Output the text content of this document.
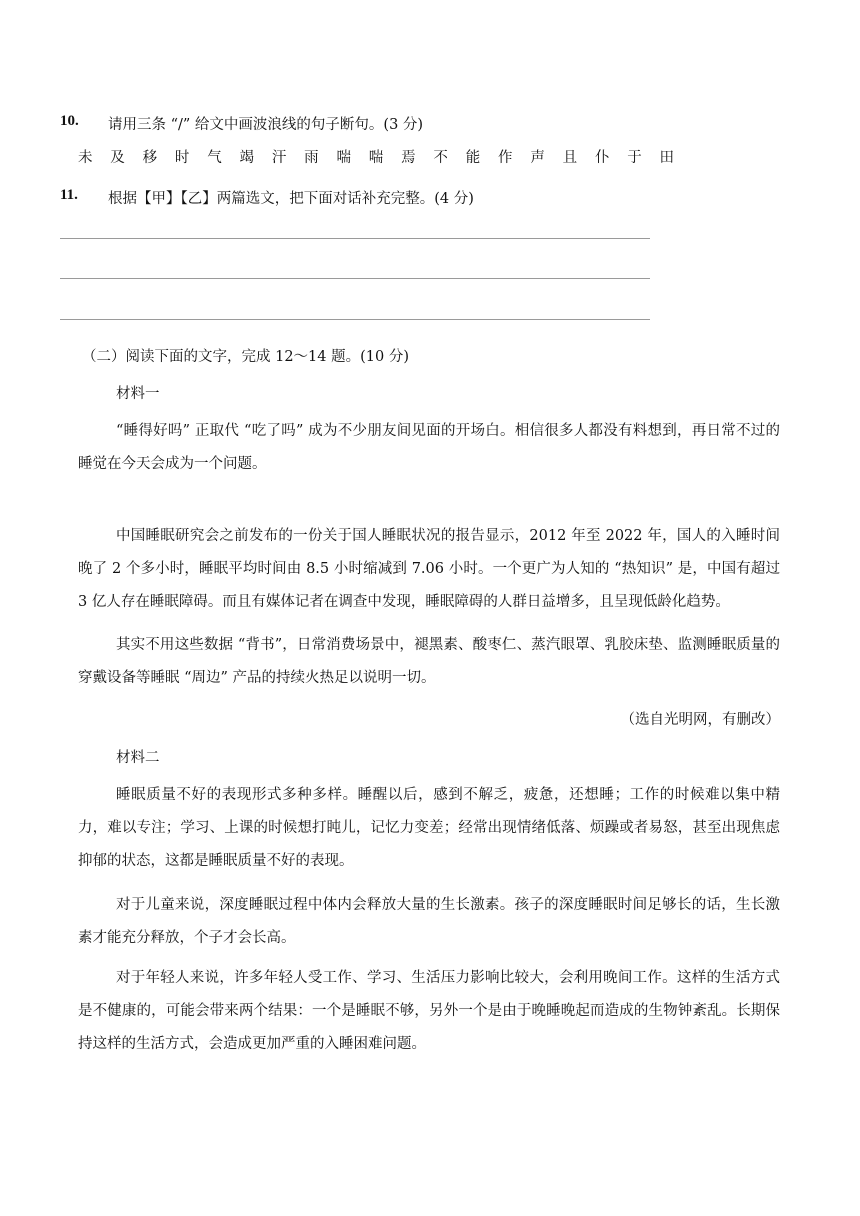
10. 请用三条 “/” 给文中画波浪线的句子断句。(3 分)
未 及 移 时 气 竭 汗 雨 喘 喘 焉 不 能 作 声 且 仆 于 田
11. 根据【甲】【乙】两篇选文，把下面对话补充完整。(4 分)
（二）阅读下面的文字，完成 12～14 题。(10 分)
材料一

“睡得好吗” 正取代 “吃了吗” 成为不少朋友间见面的开场白。相信很多人都没有料想到，再日常不过的睡觉在今天会成为一个问题。

中国睡眠研究会之前发布的一份关于国人睡眠状况的报告显示，2012 年至 2022 年，国人的入睡时间晚了 2 个多小时，睡眠平均时间由 8.5 小时缩减到 7.06 小时。一个更广为人知的 “热知识” 是，中国有超过 3 亿人存在睡眠障碍。而且有媒体记者在调查中发现，睡眠障碍的人群日益增多，且呈现低龄化趋势。

其实不用这些数据 “背书”，日常消费场景中，褪黑素、酸枣仁、蒸汽眼罩、乳胶床垫、监测睡眠质量的穿戴设备等睡眠 “周边” 产品的持续火热足以说明一切。

（选自光明网，有删改）
材料二

睡眠质量不好的表现形式多种多样。睡醒以后，感到不解乏，疲惫，还想睡；工作的时候难以集中精力，难以专注；学习、上课的时候想打盹儿，记忆力变差；经常出现情绪低落、烦躁或者易怒，甚至出现焦虑抑郁的状态，这都是睡眠质量不好的表现。

对于儿童来说，深度睡眠过程中体内会释放大量的生长激素。孩子的深度睡眠时间足够长的话，生长激素才能充分释放，个子才会长高。

对于年轻人来说，许多年轻人受工作、学习、生活压力影响比较大，会利用晚间工作。这样的生活方式是不健康的，可能会带来两个结果：一个是睡眠不够，另外一个是由于晚睡晚起而造成的生物钟紊乱。长期保持这样的生活方式，会造成更加严重的入睡困难问题。
